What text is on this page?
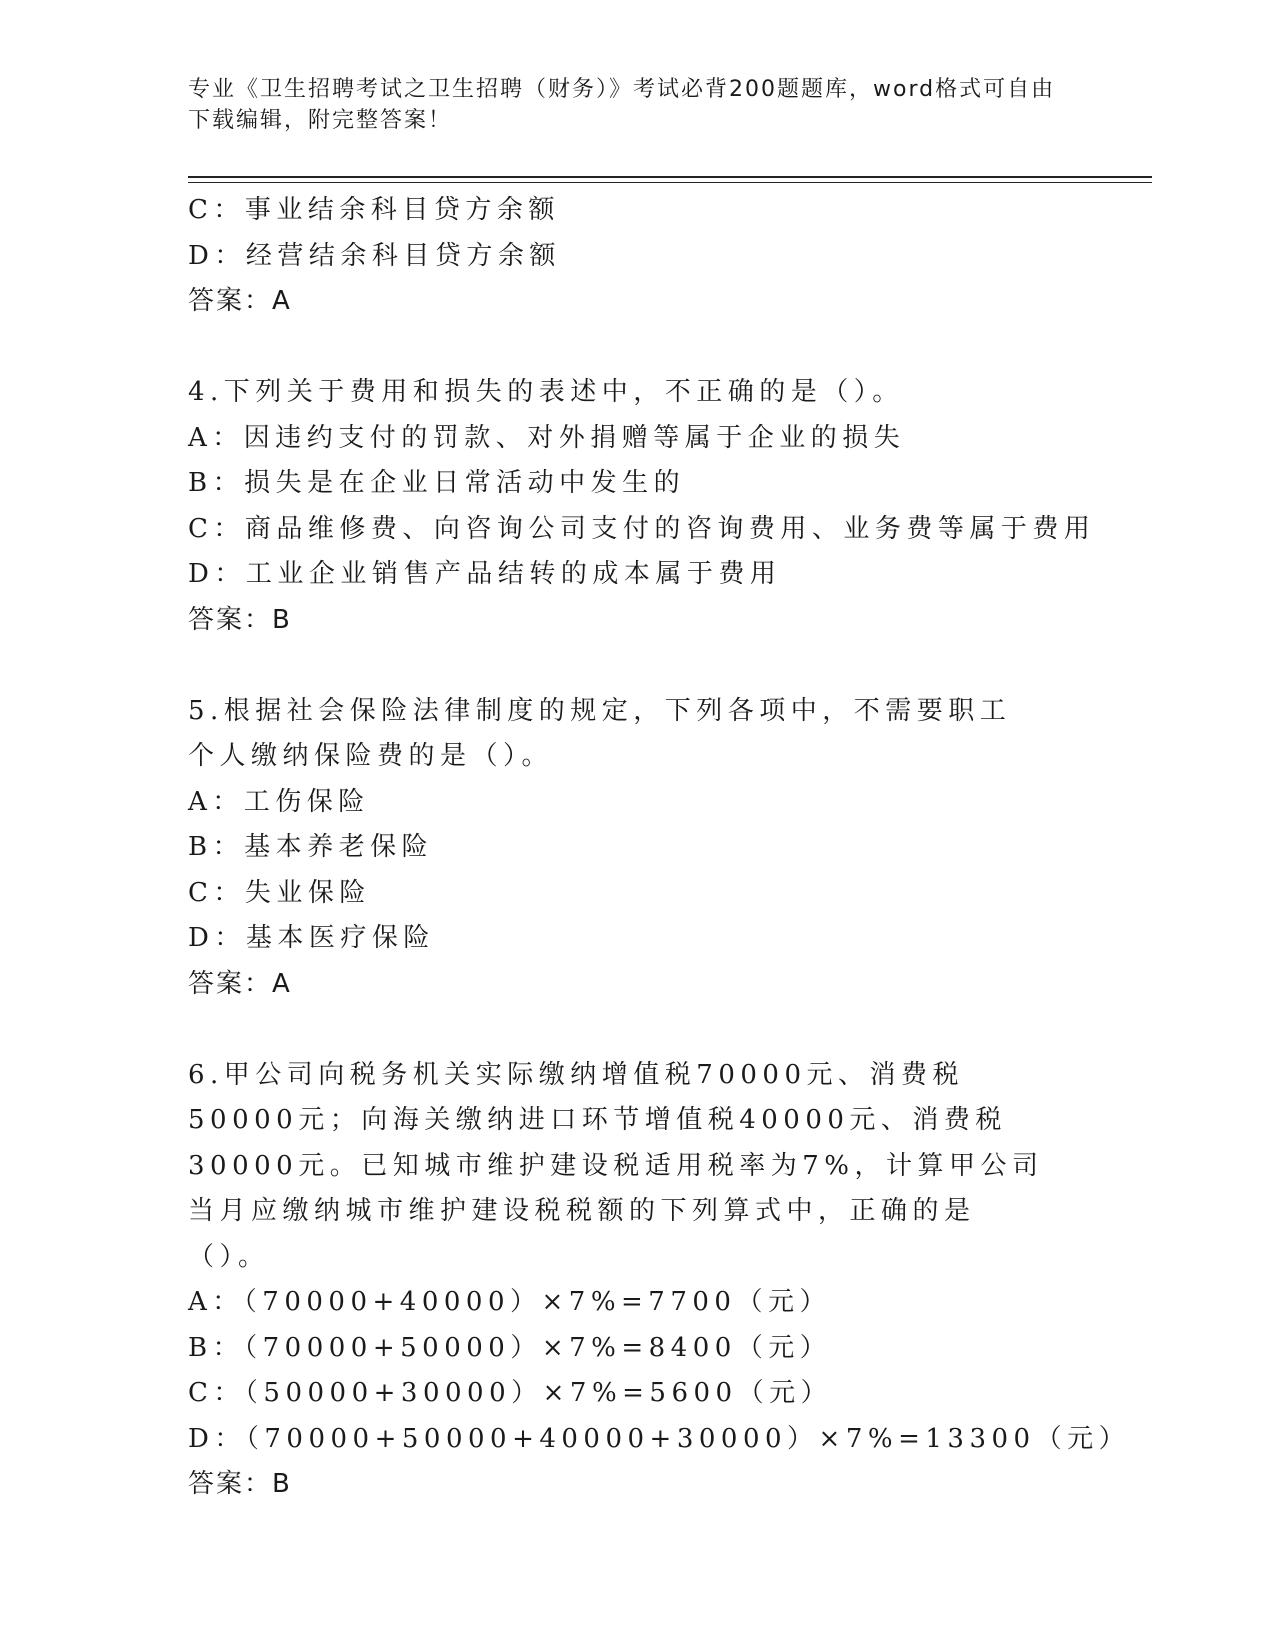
专业《卫生招聘考试之卫生招聘（财务）》考试必背200题题库，word格式可自由下载编辑，附完整答案！
C：事业结余科目贷方余额
D：经营结余科目贷方余额
答案：A
4.下列关于费用和损失的表述中，不正确的是（）。
A：因违约支付的罚款、对外捐赠等属于企业的损失
B：损失是在企业日常活动中发生的
C：商品维修费、向咨询公司支付的咨询费用、业务费等属于费用
D：工业企业销售产品结转的成本属于费用
答案：B
5.根据社会保险法律制度的规定，下列各项中，不需要职工个人缴纳保险费的是（）。
A：工伤保险
B：基本养老保险
C：失业保险
D：基本医疗保险
答案：A
6.甲公司向税务机关实际缴纳增值税70000元、消费税50000元；向海关缴纳进口环节增值税40000元、消费税30000元。已知城市维护建设税适用税率为7%，计算甲公司当月应缴纳城市维护建设税税额的下列算式中，正确的是（）。
A：（70000+40000）×7%=7700（元）
B：（70000+50000）×7%=8400（元）
C：（50000+30000）×7%=5600（元）
D：（70000+50000+40000+30000）×7%=13300（元）
答案：B
